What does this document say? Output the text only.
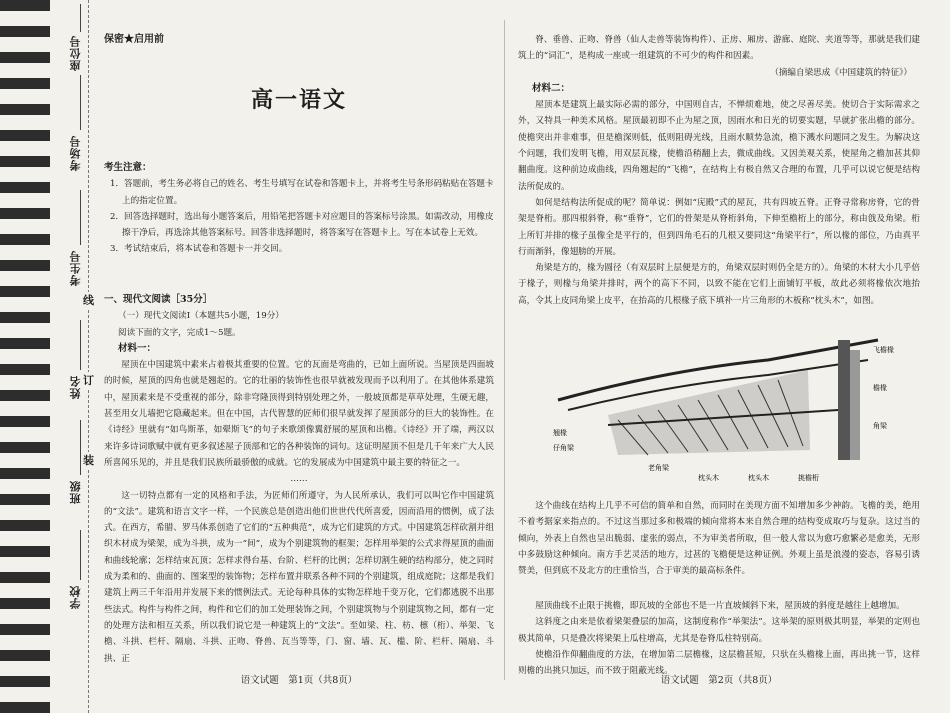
学校
班级
姓名
考生号
考场号
座位号
装
订
线
保密★启用前
高一语文
考生注意：
1．答题前，考生务必将自己的姓名、考生号填写在试卷和答题卡上，并将考生号条形码粘贴在答题卡上的指定位置。
2．回答选择题时，选出每小题答案后，用铅笔把答题卡对应题目的答案标号涂黑。如需改动，用橡皮擦干净后，再选涂其他答案标号。回答非选择题时，将答案写在答题卡上。写在本试卷上无效。
3．考试结束后，将本试卷和答题卡一并交回。
一、现代文阅读［35分］
（一）现代文阅读Ⅰ（本题共5小题，19分）
阅读下面的文字，完成1～5题。
材料一：
屋顶在中国建筑中素来占着极其重要的位置。它的瓦面是弯曲的，已如上面所说。当屋顶是四面坡的时候，屋顶的四角也就是翘起的。它的壮丽的装饰性也很早就被发现而予以利用了。在其他体系建筑中，屋顶素来是不受重视的部分，除非穹隆顶得到特别处理之外，一般坡顶都是草草处理，生硬无趣，甚至用女儿墙把它隐藏起来。但在中国，古代智慧的匠师们很早就发挥了屋顶部分的巨大的装饰性。在《诗经》里就有“如鸟斯革，如翚斯飞”的句子来歌颂像翼舒展的屋顶和出檐。《诗经》开了端，两汉以来许多诗词歌赋中就有更多叙述屋子顶部和它的各种装饰的词句。这证明屋顶不但是几千年来广大人民所喜闻乐见的，并且是我们民族所最骄傲的成就。它的发展成为中国建筑中最主要的特征之一。
……
这一切特点都有一定的风格和手法，为匠师们所遵守，为人民所承认，我们可以叫它作中国建筑的“文法”。建筑和语言文字一样，一个民族总是创造出他们世世代代所喜爱，因而沿用的惯例，成了法式。在西方，希腊、罗马体系创造了它们的“五种典范”，成为它们建筑的方式。中国建筑怎样砍割并组织木材成为梁架，成为斗拱，成为一“间”，成为个别建筑物的框架；怎样用举架的公式求得屋顶的曲面和曲线轮廓；怎样结束瓦顶；怎样求得台基、台阶、栏杆的比例；怎样切割生硬的结构部分，使之同时成为柔和的、曲面的、图案型的装饰物；怎样布置并联系各种不同的个别建筑，组成庭院；这都是我们建筑上两三千年沿用并发展下来的惯例法式。无论每种具体的实物怎样地千变万化，它们都逃脱不出那些法式。构件与构件之间，构件和它们的加工处理装饰之间，个别建筑物与个别建筑物之间，都有一定的处理方法和相互关系，所以我们说它是一种建筑上的“文法”。至如梁、柱、枋、檩（桁）、举架、飞檐、斗拱、栏杆、隔扇、斗拱、正吻、脊兽、瓦当等等，门、窗、墙、瓦、槛、阶、栏杆、隔扇、斗拱、正
语文试题　第1页（共8页）
脊、垂兽、正吻、脊兽（仙人走兽等装饰构件）、正房、厢房、游廊、庭院、夹道等等，那就是我们建筑上的“词汇”，是构成一座或一组建筑的不可少的构件和因素。
（摘编自梁思成《中国建筑的特征》）
材料二：
屋顶本是建筑上最实际必需的部分，中国则自古，不惮烦难地，使之尽善尽美。使切合于实际需求之外，又特具一种美术风格。屋顶最初即不止为屋之顶，因雨水和日光的切要实题，早就扩张出檐的部分。使檐突出并非难事，但是檐深则低，低则阻碍光线，且雨水顺势急流，檐下溅水问题同之发生。为解决这个问题，我们发明飞檐，用双层瓦椽，使檐沿稍翻上去，微成曲线。又因美观关系，使屋角之檐加甚其仰翻曲度。这种前边成曲线，四角翘起的“飞檐”，在结构上有极自然又合理的布置，几乎可以说它便是结构法所促成的。
如何是结构法所促成的呢？简单说：例如“庑殿”式的屋瓦，共有四坡五脊。正脊寻常称房脊，它的骨架是脊桁。那四根斜脊，称“垂脊”，它们的骨架是从脊桁斜角，下伸至檐桁上的部分，称由戗及角梁。桁上所钉并排的椽子虽像全是平行的，但到四角毛石的几根又要同这“角梁平行”，所以椽的部位，乃由真平行而渐斜，像翅膀的开展。
角梁是方的，椽为圆径（有双层时上层便是方的，角梁双层时则仍全是方的）。角梁的木材大小几乎倍于椽子，则椽与角梁并排时，两个的高下不同，以致不能在它们上面铺钉平板，故此必须将椽依次地抬高，令其上皮同角梁上皮平，在抬高的几根椽子底下填补一片三角形的木板称“枕头木”，如图。
飞檐椽
檐椽
角梁
翘椽
老角梁
仔角梁
枕头木	枕头木	挑檐桁
这个曲线在结构上几乎不可信的简单和自然，而同时在美现方面不知增加多少神韵。飞檐的美，绝用不着考据家来指点的。不过这当那过多和极端的倾向常将本来自然合理的结构变成取巧与复杂。这过当的倾向，外表上自然也呈出脆弱、虚张的弱点，不为审美者所取，但一般人常以为愈巧愈繁必是愈美，无形中多鼓励这种倾向。南方手艺灵活的地方，过甚的飞檐便是这种证例。外观上虽是浪漫的姿态，容易引诱赞美，但到底不及北方的庄重恰当，合于审美的最高标条件。
屋顶曲线不止限于挑檐，即瓦坡的全部也不是一片直坡倾斜下来，屋顶坡的斜度是越往上越增加。
这斜度之由来是依着梁架叠层的加高，这制度称作“举架法”。这举架的原则极其明显，举架的定则也极其简单，只是叠次将梁架上瓜柱增高，尤其是卷脊瓜柱特别高。
使檐沿作仰翻曲度的方法，在增加第二层檐椽，这层檐甚短，只驮在头檐椽上面，再出挑一节，这样则檐的出挑只加远，而不致于阻蔽光线。
语文试题　第2页（共8页）
